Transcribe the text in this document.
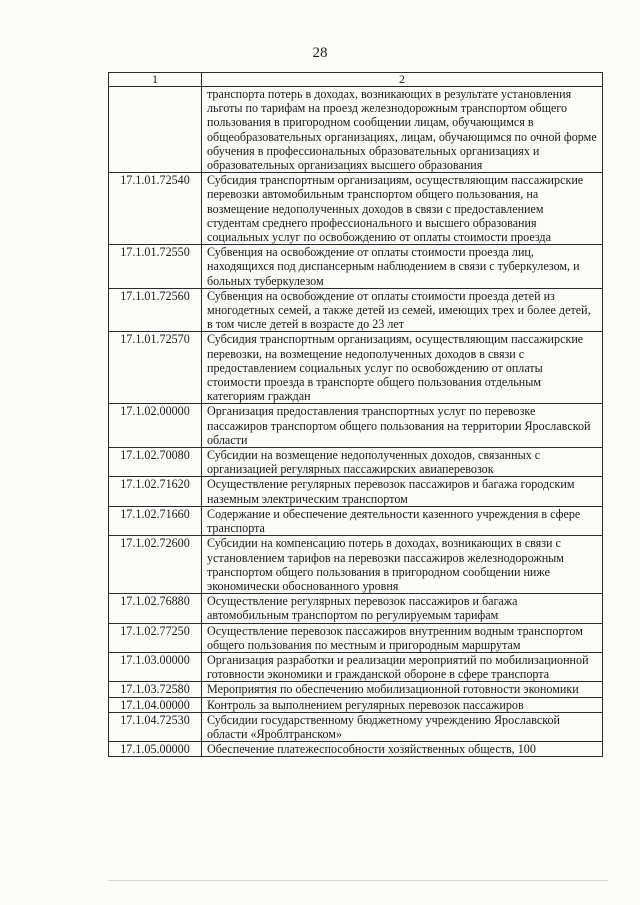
28
1	2
	транспорта потерь в доходах, возникающих в результате установления льготы по тарифам на проезд железнодорожным транспортом общего пользования в пригородном сообщении лицам, обучающимся в общеобразовательных организациях, лицам, обучающимся по очной форме обучения в профессиональных образовательных организациях и образовательных организациях высшего образования
17.1.01.72540	Субсидия транспортным организациям, осуществляющим пассажирские перевозки автомобильным транспортом общего пользования, на возмещение недополученных доходов в связи с предоставлением студентам среднего профессионального и высшего образования социальных услуг по освобождению от оплаты стоимости проезда
17.1.01.72550	Субвенция на освобождение от оплаты стоимости проезда лиц, находящихся под диспансерным наблюдением в связи с туберкулезом, и больных туберкулезом
17.1.01.72560	Субвенция на освобождение от оплаты стоимости проезда детей из многодетных семей, а также детей из семей, имеющих трех и более детей, в том числе детей в возрасте до 23 лет
17.1.01.72570	Субсидия транспортным организациям, осуществляющим пассажирские перевозки, на возмещение недополученных доходов в связи с предоставлением социальных услуг по освобождению от оплаты стоимости проезда в транспорте общего пользования отдельным категориям граждан
17.1.02.00000	Организация предоставления транспортных услуг по перевозке пассажиров транспортом общего пользования на территории Ярославской области
17.1.02.70080	Субсидии на возмещение недополученных доходов, связанных с организацией регулярных пассажирских авиаперевозок
17.1.02.71620	Осуществление регулярных перевозок пассажиров и багажа городским наземным электрическим транспортом
17.1.02.71660	Содержание и обеспечение деятельности казенного учреждения в сфере транспорта
17.1.02.72600	Субсидии на компенсацию потерь в доходах, возникающих в связи с установлением тарифов на перевозки пассажиров железнодорожным транспортом общего пользования в пригородном сообщении ниже экономически обоснованного уровня
17.1.02.76880	Осуществление регулярных перевозок пассажиров и багажа автомобильным транспортом по регулируемым тарифам
17.1.02.77250	Осуществление перевозок пассажиров внутренним водным транспортом общего пользования по местным и пригородным маршрутам
17.1.03.00000	Организация разработки и реализации мероприятий по мобилизационной готовности экономики и гражданской обороне в сфере транспорта
17.1.03.72580	Мероприятия по обеспечению мобилизационной готовности экономики
17.1.04.00000	Контроль за выполнением регулярных перевозок пассажиров
17.1.04.72530	Субсидии государственному бюджетному учреждению Ярославской области «Яроблтранском»
17.1.05.00000	Обеспечение платежеспособности хозяйственных обществ, 100
